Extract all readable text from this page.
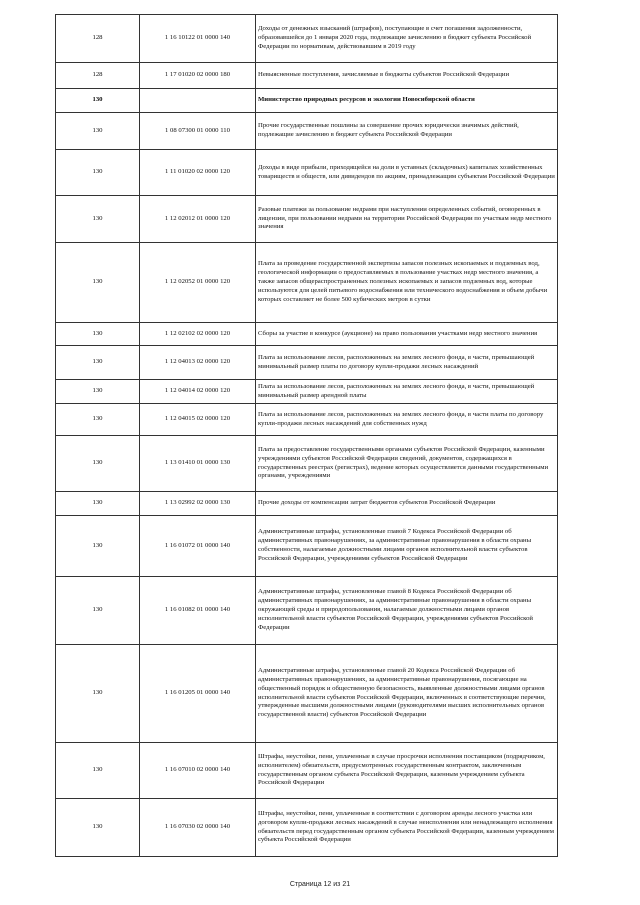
128	1 16 10122 01 0000 140	Доходы от денежных взысканий (штрафов), поступающие в счет погашения задолженности, образовавшейся до 1 января 2020 года, подлежащие зачислению в бюджет субъекта Российской Федерации по нормативам, действовавшим в 2019 году
128	1 17 01020 02 0000 180	Невыясненные поступления, зачисляемые в бюджеты субъектов Российской Федерации
130		Министерство природных ресурсов и экологии Новосибирской области
130	1 08 07300 01 0000 110	Прочие государственные пошлины за совершение прочих юридически значимых действий, подлежащие зачислению в бюджет субъекта Российской Федерации
130	1 11 01020 02 0000 120	Доходы в виде прибыли, приходящейся на доли в уставных (складочных) капиталах хозяйственных товариществ и обществ, или дивидендов по акциям, принадлежащим субъектам Российской Федерации
130	1 12 02012 01 0000 120	Разовые платежи за пользование недрами при наступлении определенных событий, оговоренных в лицензии, при пользовании недрами на территории Российской Федерации по участкам недр местного значения
130	1 12 02052 01 0000 120	Плата за проведение государственной экспертизы запасов полезных ископаемых и подземных вод, геологической информации о предоставляемых в пользование участках недр местного значения, а также запасов общераспространенных полезных ископаемых и запасов подземных вод, которые используются для целей питьевого водоснабжения или технического водоснабжения и объем добычи которых составляет не более 500 кубических метров в сутки
130	1 12 02102 02 0000 120	Сборы за участие в конкурсе (аукционе) на право пользования участками недр местного значения
130	1 12 04013 02 0000 120	Плата за использование лесов, расположенных на землях лесного фонда, в части, превышающей минимальный размер платы по договору купли-продажи лесных насаждений
130	1 12 04014 02 0000 120	Плата за использование лесов, расположенных на землях лесного фонда, в части, превышающей минимальный размер арендной платы
130	1 12 04015 02 0000 120	Плата за использование лесов, расположенных на землях лесного фонда, в части платы по договору купли-продажи лесных насаждений для собственных нужд
130	1 13 01410 01 0000 130	Плата за предоставление государственными органами субъектов Российской Федерации, казенными учреждениями субъектов Российской Федерации сведений, документов, содержащихся в государственных реестрах (регистрах), ведение которых осуществляется данными государственными органами, учреждениями
130	1 13 02992 02 0000 130	Прочие доходы от компенсации затрат бюджетов субъектов Российской Федерации
130	1 16 01072 01 0000 140	Административные штрафы, установленные главой 7 Кодекса Российской Федерации об административных правонарушениях, за административные правонарушения в области охраны собственности, налагаемые должностными лицами органов исполнительной власти субъектов Российской Федерации, учреждениями субъектов Российской Федерации
130	1 16 01082 01 0000 140	Административные штрафы, установленные главой 8 Кодекса Российской Федерации об административных правонарушениях, за административные правонарушения в области охраны окружающей среды и природопользования, налагаемые должностными лицами органов исполнительной власти субъектов Российской Федерации, учреждениями субъектов Российской Федерации
130	1 16 01205 01 0000 140	Административные штрафы, установленные главой 20 Кодекса Российской Федерации об административных правонарушениях, за административные правонарушения, посягающие на общественный порядок и общественную безопасность, выявленные должностными лицами органов исполнительной власти субъектов Российской Федерации, включенных в соответствующие перечни, утвержденные высшими должностными лицами (руководителями высших исполнительных органов государственной власти) субъектов Российской Федерации
130	1 16 07010 02 0000 140	Штрафы, неустойки, пени, уплаченные в случае просрочки исполнения поставщиком (подрядчиком, исполнителем) обязательств, предусмотренных государственным контрактом, заключенным государственным органом субъекта Российской Федерации, казенным учреждением субъекта Российской Федерации
130	1 16 07030 02 0000 140	Штрафы, неустойки, пени, уплаченные в соответствии с договором аренды лесного участка или договором купли-продажи лесных насаждений в случае неисполнения или ненадлежащего исполнения обязательств перед государственным органом субъекта Российской Федерации, казенным учреждением субъекта Российской Федерации
Страница 12 из 21
